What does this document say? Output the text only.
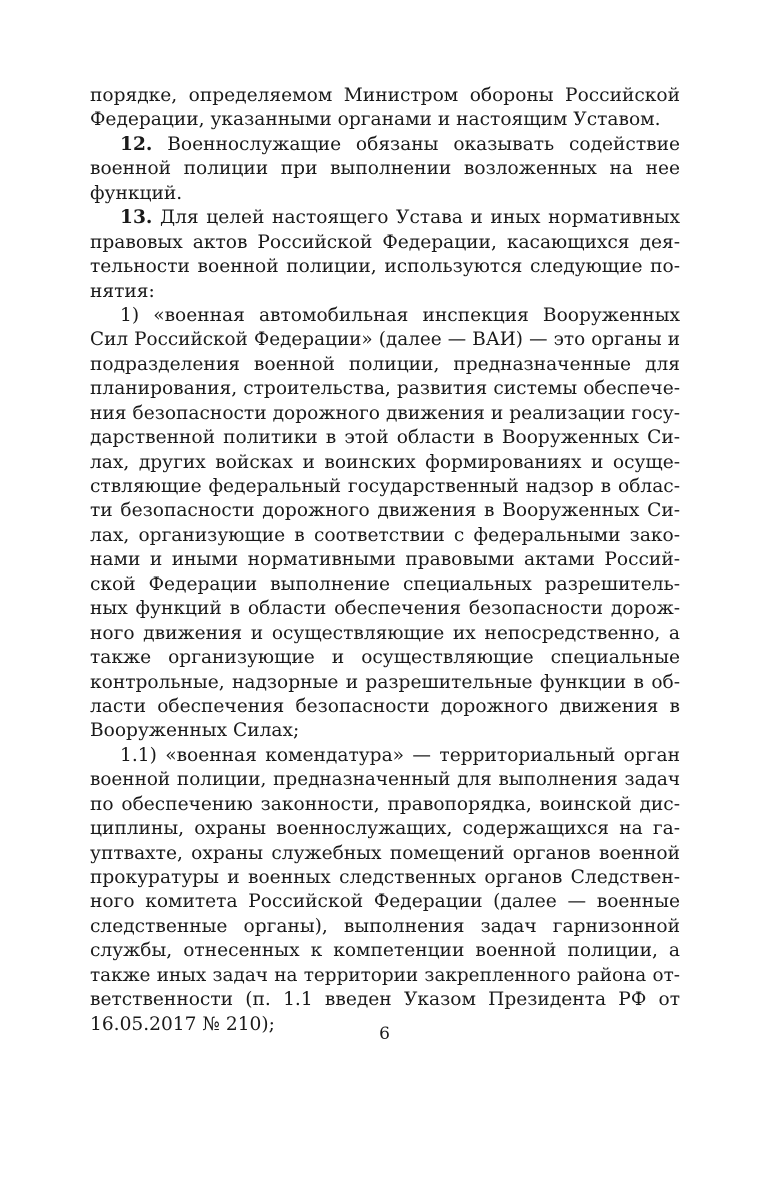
порядке, определяемом Министром обороны Российской
Федерации, указанными органами и настоящим Уставом.
12. Военнослужащие обязаны оказывать содействие
военной полиции при выполнении возложенных на нее
функций.
13. Для целей настоящего Устава и иных нормативных
правовых актов Российской Федерации, касающихся дея-
тельности военной полиции, используются следующие по-
нятия:
1) «военная автомобильная инспекция Вооруженных
Сил Российской Федерации» (далее — ВАИ) — это органы и
подразделения военной полиции, предназначенные для
планирования, строительства, развития системы обеспече-
ния безопасности дорожного движения и реализации госу-
дарственной политики в этой области в Вооруженных Си-
лах, других войсках и воинских формированиях и осуще-
ствляющие федеральный государственный надзор в облас-
ти безопасности дорожного движения в Вооруженных Си-
лах, организующие в соответствии с федеральными зако-
нами и иными нормативными правовыми актами Россий-
ской Федерации выполнение специальных разрешитель-
ных функций в области обеспечения безопасности дорож-
ного движения и осуществляющие их непосредственно, а
также организующие и осуществляющие специальные
контрольные, надзорные и разрешительные функции в об-
ласти обеспечения безопасности дорожного движения в
Вооруженных Силах;
1.1) «военная комендатура» — территориальный орган
военной полиции, предназначенный для выполнения задач
по обеспечению законности, правопорядка, воинской дис-
циплины, охраны военнослужащих, содержащихся на га-
уптвахте, охраны служебных помещений органов военной
прокуратуры и военных следственных органов Следствен-
ного комитета Российской Федерации (далее — военные
следственные органы), выполнения задач гарнизонной
службы, отнесенных к компетенции военной полиции, а
также иных задач на территории закрепленного района от-
ветственности (п. 1.1 введен Указом Президента РФ от
16.05.2017 № 210);	6
